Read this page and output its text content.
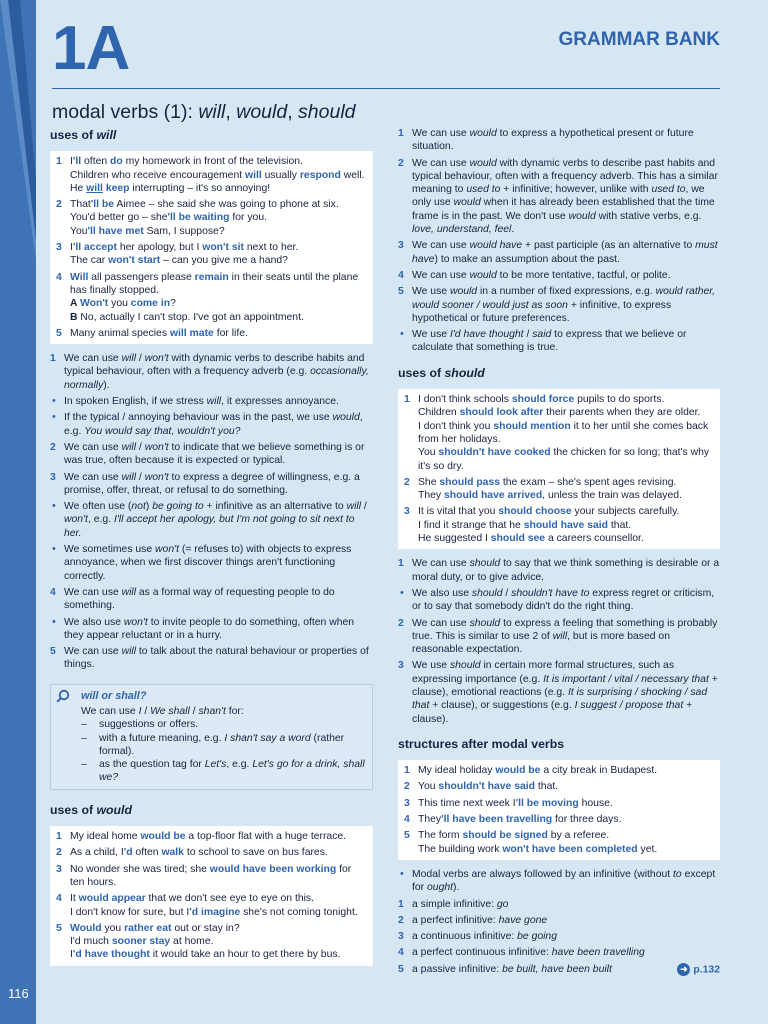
116
1A	GRAMMAR BANK
modal verbs (1): will, would, should
uses of will
1 I'll often do my homework in front of the television.
Children who receive encouragement will usually respond well.
He will keep interrupting – it's so annoying!
2 That'll be Aimee – she said she was going to phone at six.
You'd better go – she'll be waiting for you.
You'll have met Sam, I suppose?
3 I'll accept her apology, but I won't sit next to her.
The car won't start – can you give me a hand?
4 Will all passengers please remain in their seats until the plane has finally stopped.
A Won't you come in?
B No, actually I can't stop. I've got an appointment.
5 Many animal species will mate for life.
1 We can use will / won't with dynamic verbs to describe habits and typical behaviour, often with a frequency adverb (e.g. occasionally, normally).
• In spoken English, if we stress will, it expresses annoyance.
• If the typical / annoying behaviour was in the past, we use would, e.g. You would say that, wouldn't you?
2 We can use will / won't to indicate that we believe something is or was true, often because it is expected or typical.
3 We can use will / won't to express a degree of willingness, e.g. a promise, offer, threat, or refusal to do something.
• We often use (not) be going to + infinitive as an alternative to will / won't, e.g. I'll accept her apology, but I'm not going to sit next to her.
• We sometimes use won't (= refuses to) with objects to express annoyance, when we first discover things aren't functioning correctly.
4 We can use will as a formal way of requesting people to do something.
• We also use won't to invite people to do something, often when they appear reluctant or in a hurry.
5 We can use will to talk about the natural behaviour or properties of things.
will or shall?
We can use I / We shall / shan't for:
– suggestions or offers.
– with a future meaning, e.g. I shan't say a word (rather formal).
– as the question tag for Let's, e.g. Let's go for a drink, shall we?
uses of would
1 My ideal home would be a top-floor flat with a huge terrace.
2 As a child, I'd often walk to school to save on bus fares.
3 No wonder she was tired; she would have been working for ten hours.
4 It would appear that we don't see eye to eye on this.
I don't know for sure, but I'd imagine she's not coming tonight.
5 Would you rather eat out or stay in?
I'd much sooner stay at home.
I'd have thought it would take an hour to get there by bus.
1 We can use would to express a hypothetical present or future situation.
2 We can use would with dynamic verbs to describe past habits and typical behaviour, often with a frequency adverb. This has a similar meaning to used to + infinitive; however, unlike with used to, we only use would when it has already been established that the time frame is in the past. We don't use would with stative verbs, e.g. love, understand, feel.
3 We can use would have + past participle (as an alternative to must have) to make an assumption about the past.
4 We can use would to be more tentative, tactful, or polite.
5 We use would in a number of fixed expressions, e.g. would rather, would sooner / would just as soon + infinitive, to express hypothetical or future preferences.
• We use I'd have thought / said to express that we believe or calculate that something is true.
uses of should
1 I don't think schools should force pupils to do sports.
Children should look after their parents when they are older.
I don't think you should mention it to her until she comes back from her holidays.
You shouldn't have cooked the chicken for so long; that's why it's so dry.
2 She should pass the exam – she's spent ages revising.
They should have arrived, unless the train was delayed.
3 It is vital that you should choose your subjects carefully.
I find it strange that he should have said that.
He suggested I should see a careers counsellor.
1 We can use should to say that we think something is desirable or a moral duty, or to give advice.
• We also use should / shouldn't have to express regret or criticism, or to say that somebody didn't do the right thing.
2 We can use should to express a feeling that something is probably true. This is similar to use 2 of will, but is more based on reasonable expectation.
3 We use should in certain more formal structures, such as expressing importance (e.g. It is important / vital / necessary that + clause), emotional reactions (e.g. It is surprising / shocking / sad that + clause), or suggestions (e.g. I suggest / propose that + clause).
structures after modal verbs
1 My ideal holiday would be a city break in Budapest.
2 You shouldn't have said that.
3 This time next week I'll be moving house.
4 They'll have been travelling for three days.
5 The form should be signed by a referee.
The building work won't have been completed yet.
• Modal verbs are always followed by an infinitive (without to except for ought).
1 a simple infinitive: go
2 a perfect infinitive: have gone
3 a continuous infinitive: be going
4 a perfect continuous infinitive: have been travelling
5	➜ p.132
a passive infinitive: be built, have been built
